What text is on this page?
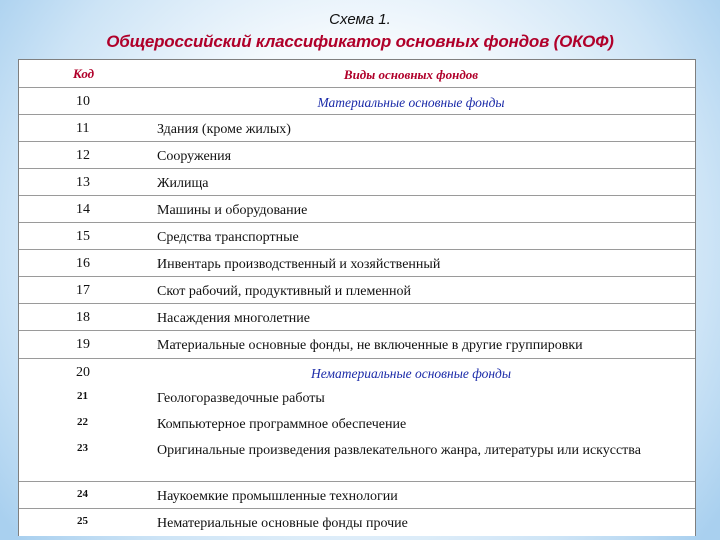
Схема 1.
Общероссийский классификатор основных фондов (ОКОФ)
Код	Виды основных фондов
10	Материальные основные фонды
11	Здания (кроме жилых)
12	Сооружения
13	Жилища
14	Машины и оборудование
15	Средства транспортные
16	Инвентарь производственный и хозяйственный
17	Скот рабочий, продуктивный и племенной
18	Насаждения многолетние
19	Материальные основные фонды, не включенные в другие группировки
20	Нематериальные основные фонды
21	Геологоразведочные работы
22	Компьютерное программное обеспечение
23	Оригинальные произведения развлекательного жанра, литературы или искусства
24	Наукоемкие промышленные технологии
25	Нематериальные основные фонды прочие
